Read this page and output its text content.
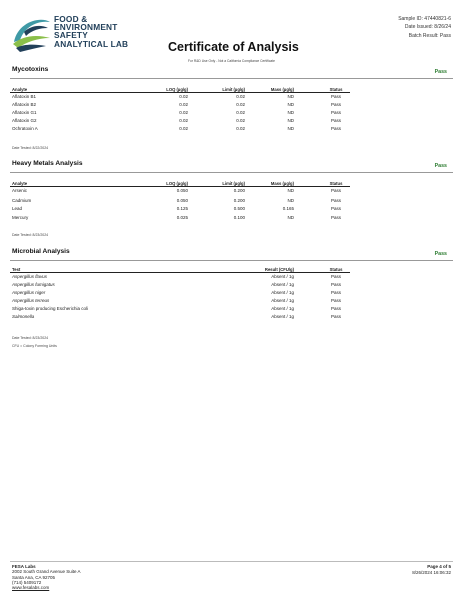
FOOD &
ENVIRONMENT
SAFETY
ANALYTICAL LAB	Certificate of Analysis
Sample ID: 47440821-6
Date Issued: 8/26/24
Batch Result: Pass
For R&D Use Only - Not a California Compliance Certificate
Mycotoxins	Pass
Analyte	LOQ (µg/g)	Limit (µg/g)	Mass (µg/g)	Status
Aflatoxin B1	0.02	0.02	ND	Pass
Aflatoxin B2	0.02	0.02	ND	Pass
Aflatoxin G1	0.02	0.02	ND	Pass
Aflatoxin G2	0.02	0.02	ND	Pass
Ochratoxin A	0.02	0.02	ND	Pass
Date Tested: 8/22/2024
Heavy Metals Analysis	Pass
Analyte	LOQ (µg/g)	Limit (µg/g)	Mass (µg/g)	Status
Arsenic	0.050	0.200	ND	Pass
Cadmium	0.050	0.200	ND	Pass
Lead	0.125	0.500	0.165	Pass
Mercury	0.025	0.100	ND	Pass
Date Tested: 8/23/2024
Microbial Analysis	Pass
Test	Result (CFU/g)	Status
Aspergillus flavus	Absent / 1g	Pass
Aspergillus fumigatus	Absent / 1g	Pass
Aspergillus niger	Absent / 1g	Pass
Aspergillus terreus	Absent / 1g	Pass
Shiga-toxin producing Escherichia coli	Absent / 1g	Pass
Salmonella	Absent / 1g	Pass
Date Tested: 8/23/2024
CFU = Colony Forming Units
FESA Labs
2002 South Grand Avenue Suite A
Santa Ana, CA 92705
(714) 5409172
www.fesalabs.com
Page 4 of 5
8/26/2024 16:06:32
